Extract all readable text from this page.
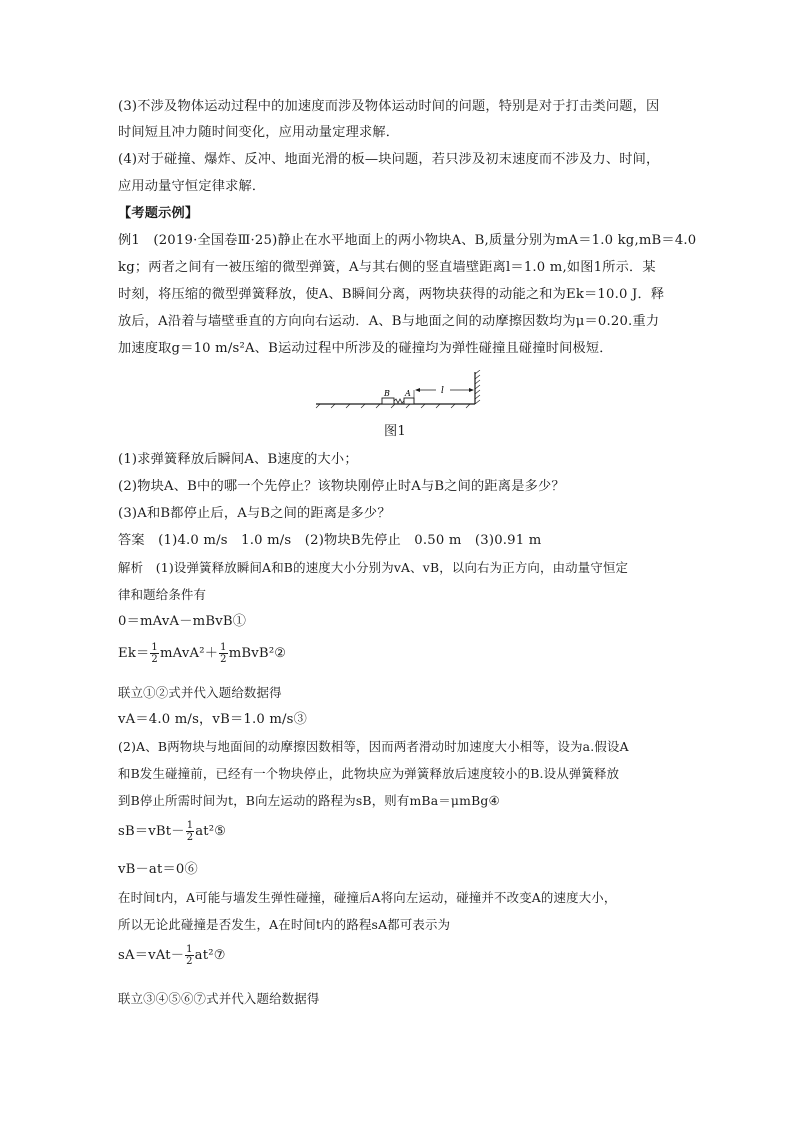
(3)不涉及物体运动过程中的加速度而涉及物体运动时间的问题，特别是对于打击类问题，因
时间短且冲力随时间变化，应用动量定理求解．
(4)对于碰撞、爆炸、反冲、地面光滑的板—块问题，若只涉及初末速度而不涉及力、时间，
应用动量守恒定律求解．
【考题示例】
例1　(2019·全国卷Ⅲ·25)静止在水平地面上的两小物块A、B,质量分别为mA＝1.0 kg,mB＝4.0
kg；两者之间有一被压缩的微型弹簧，A与其右侧的竖直墙壁距离l＝1.0 m,如图1所示．某
时刻，将压缩的微型弹簧释放，使A、B瞬间分离，两物块获得的动能之和为Ek＝10.0 J．释
放后，A沿着与墙壁垂直的方向向右运动．A、B与地面之间的动摩擦因数均为μ＝0.20.重力
加速度取g＝10 m/s²A、B运动过程中所涉及的碰撞均为弹性碰撞且碰撞时间极短．
B A	l
图1
(1)求弹簧释放后瞬间A、B速度的大小；
(2)物块A、B中的哪一个先停止？该物块刚停止时A与B之间的距离是多少？
(3)A和B都停止后，A与B之间的距离是多少？
答案　(1)4.0 m/s　1.0 m/s　(2)物块B先停止　0.50 m　(3)0.91 m
解析　(1)设弹簧释放瞬间A和B的速度大小分别为vA、vB，以向右为正方向，由动量守恒定
律和题给条件有
0＝mAvA－mBvB①
$Ek= \frac{1}{2}$ mAvA²＋ $\frac{1}{2}$ mBvB²②
联立①②式并代入题给数据得
vA＝4.0 m/s，vB＝1.0 m/s③
(2)A、B两物块与地面间的动摩擦因数相等，因而两者滑动时加速度大小相等，设为a.假设A
和B发生碰撞前，已经有一个物块停止，此物块应为弹簧释放后速度较小的B.设从弹簧释放
到B停止所需时间为t，B向左运动的路程为sB，则有mBa＝μmBg④
$sB=vBt- \frac{1}{2}$ at²⑤
vB－at＝0⑥
在时间t内，A可能与墙发生弹性碰撞，碰撞后A将向左运动，碰撞并不改变A的速度大小，
所以无论此碰撞是否发生，A在时间t内的路程sA都可表示为
$sA=vAt- \frac{1}{2}$ at²⑦
联立③④⑤⑥⑦式并代入题给数据得
